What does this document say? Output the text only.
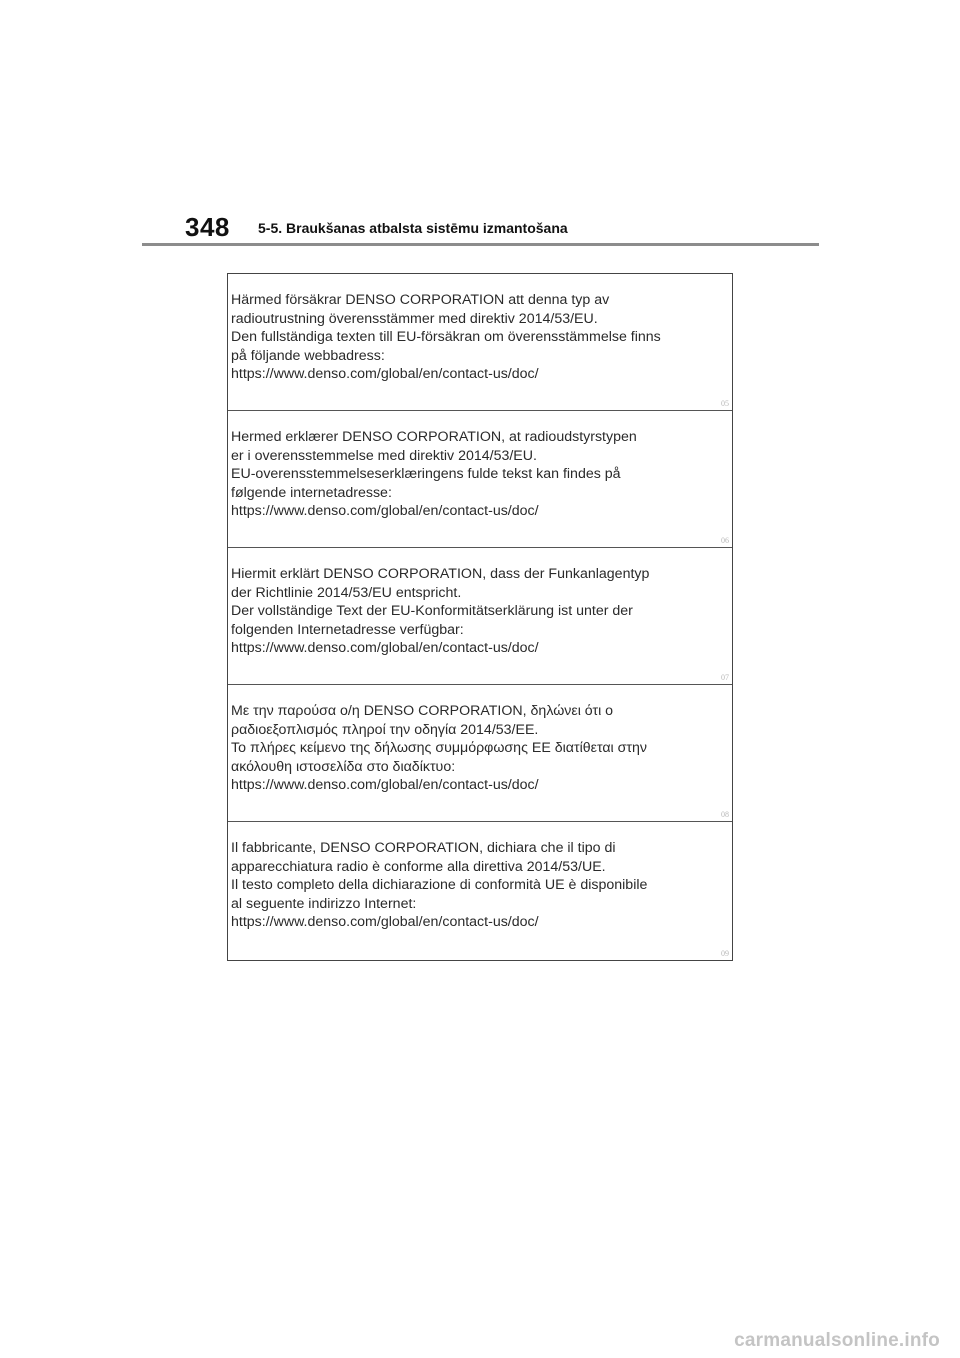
348 5-5. Braukšanas atbalsta sistēmu izmantošana
Härmed försäkrar DENSO CORPORATION att denna typ av
radioutrustning överensstämmer med direktiv 2014/53/EU.
Den fullständiga texten till EU-försäkran om överensstämmelse finns
på följande webbadress:
https://www.denso.com/global/en/contact-us/doc/
05
Hermed erklærer DENSO CORPORATION, at radioudstyrstypen
er i overensstemmelse med direktiv 2014/53/EU.
EU-overensstemmelseserklæringens fulde tekst kan findes på
følgende internetadresse:
https://www.denso.com/global/en/contact-us/doc/
06
Hiermit erklärt DENSO CORPORATION, dass der Funkanlagentyp
der Richtlinie 2014/53/EU entspricht.
Der vollständige Text der EU-Konformitätserklärung ist unter der
folgenden Internetadresse verfügbar:
https://www.denso.com/global/en/contact-us/doc/
07
Με την παρούσα ο/η DENSO CORPORATION, δηλώνει ότι ο
ραδιοεξοπλισμός πληροί την οδηγία 2014/53/ΕΕ.
Το πλήρες κείμενο της δήλωσης συμμόρφωσης ΕΕ διατίθεται στην
ακόλουθη ιστοσελίδα στο διαδίκτυο:
https://www.denso.com/global/en/contact-us/doc/
08
Il fabbricante, DENSO CORPORATION, dichiara che il tipo di
apparecchiatura radio è conforme alla direttiva 2014/53/UE.
Il testo completo della dichiarazione di conformità UE è disponibile
al seguente indirizzo Internet:
https://www.denso.com/global/en/contact-us/doc/
09
carmanualsonline.info
